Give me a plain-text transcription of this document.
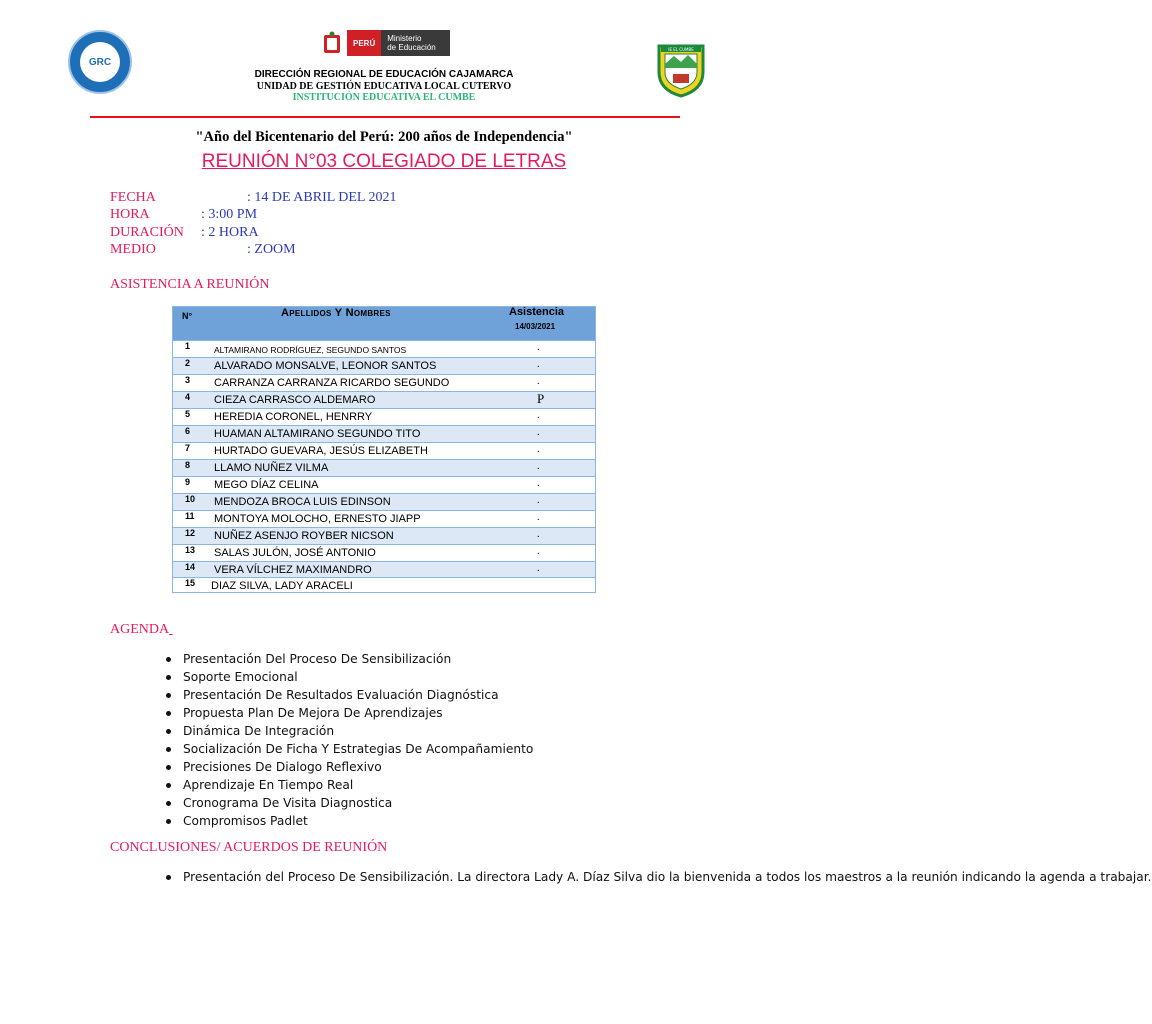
GRC
PERÚ	Ministerio
de Educación	IE EL CUMBE
DIRECCIÓN REGIONAL DE EDUCACIÓN CAJAMARCA
UNIDAD DE GESTIÓN EDUCATIVA LOCAL CUTERVO
INSTITUCIÓN EDUCATIVA EL CUMBE
"Año del Bicentenario del Perú: 200 años de Independencia"
REUNIÓN N°03 COLEGIADO DE LETRAS
FECHA	: 14 DE ABRIL DEL 2021
HORA	: 3:00 PM
DURACIÓN : 2 HORA
MEDIO	: ZOOM
ASISTENCIA A REUNIÓN
N°	Apellidos Y Nombres	Asistencia
14/03/2021
1	ALTAMIRANO RODRÍGUEZ, SEGUNDO SANTOS	.
2 ALVARADO MONSALVE, LEONOR SANTOS	.
3 CARRANZA CARRANZA RICARDO SEGUNDO	.
4 CIEZA CARRASCO ALDEMARO	P
5 HEREDIA CORONEL, HENRRY	.
6 HUAMAN ALTAMIRANO SEGUNDO TITO	.
7 HURTADO GUEVARA, JESÚS ELIZABETH	.
8 LLAMO NUÑEZ VILMA	.
9 MEGO DÍAZ CELINA	.
10 MENDOZA BROCA LUIS EDINSON	.
11 MONTOYA MOLOCHO, ERNESTO JIAPP	.
12 NUÑEZ ASENJO ROYBER NICSON	.
13 SALAS JULÓN, JOSÉ ANTONIO	.
14 VERA VÍLCHEZ MAXIMANDRO	.
15 DIAZ SILVA, LADY ARACELI
AGENDA
Presentación Del Proceso De Sensibilización
Soporte Emocional
Presentación De Resultados Evaluación Diagnóstica
Propuesta Plan De Mejora De Aprendizajes
Dinámica De Integración
Socialización De Ficha Y Estrategias De Acompañamiento
Precisiones De Dialogo Reflexivo
Aprendizaje En Tiempo Real
Cronograma De Visita Diagnostica
Compromisos Padlet
CONCLUSIONES/ ACUERDOS DE REUNIÓN
Presentación del Proceso De Sensibilización. La directora Lady A. Díaz Silva dio la bienvenida a todos los maestros a la reunión indicando la agenda a trabajar.
